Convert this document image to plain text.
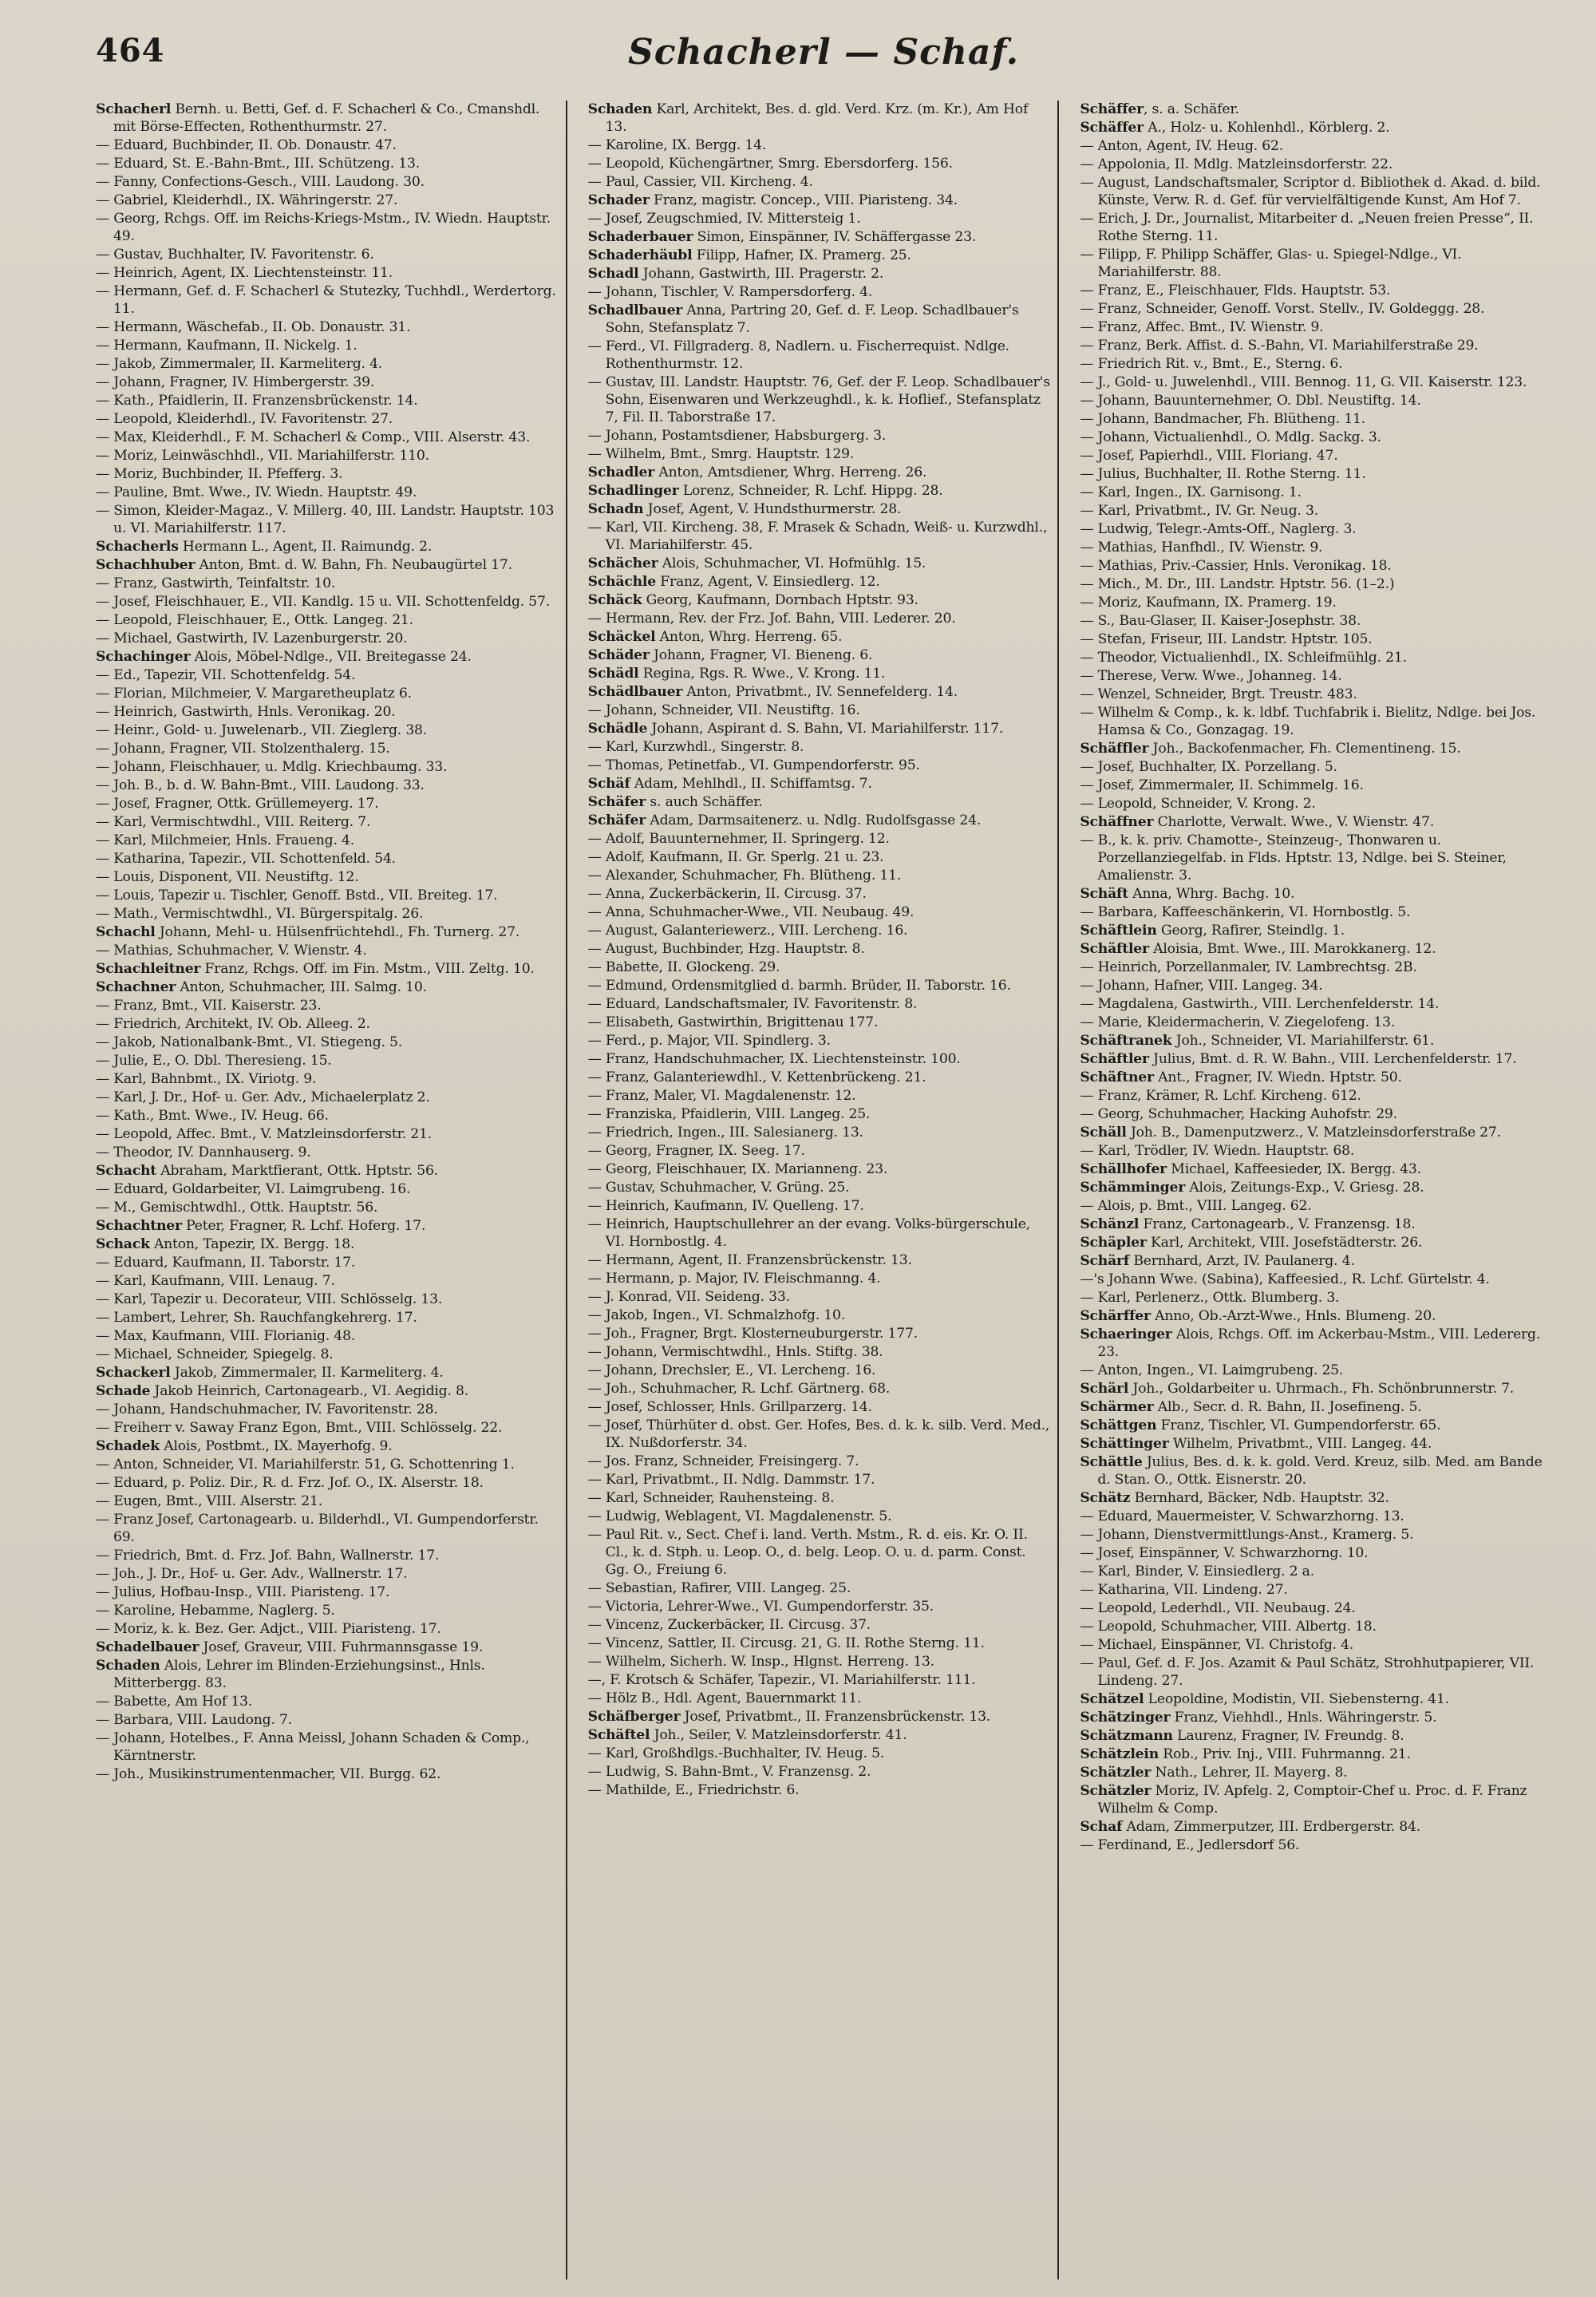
464	Schacherl — Schaf.
Schacherl Bernh. u. Betti, Gef. d. F. Schacherl & Co., Cmanshdl. mit Börse-Effecten, Rothenthurmstr. 27.
— Eduard, Buchbinder, II. Ob. Donaustr. 47.
— Eduard, St. E.-Bahn-Bmt., III. Schützeng. 13.
— Fanny, Confections-Gesch., VIII. Laudong. 30.
— Gabriel, Kleiderhdl., IX. Währingerstr. 27.
— Georg, Rchgs. Off. im Reichs-Kriegs-Mstm., IV. Wiedn. Hauptstr. 49.
— Gustav, Buchhalter, IV. Favoritenstr. 6.
— Heinrich, Agent, IX. Liechtensteinstr. 11.
— Hermann, Gef. d. F. Schacherl & Stutezky, Tuchhdl., Werdertorg. 11.
— Hermann, Wäschefab., II. Ob. Donaustr. 31.
— Hermann, Kaufmann, II. Nickelg. 1.
— Jakob, Zimmermaler, II. Karmeliterg. 4.
— Johann, Fragner, IV. Himbergerstr. 39.
— Kath., Pfaidlerin, II. Franzensbrückenstr. 14.
— Leopold, Kleiderhdl., IV. Favoritenstr. 27.
— Max, Kleiderhdl., F. M. Schacherl & Comp., VIII. Alserstr. 43.
— Moriz, Leinwäschhdl., VII. Mariahilferstr. 110.
— Moriz, Buchbinder, II. Pfefferg. 3.
— Pauline, Bmt. Wwe., IV. Wiedn. Hauptstr. 49.
— Simon, Kleider-Magaz., V. Millerg. 40, III. Landstr. Hauptstr. 103 u. VI. Mariahilferstr. 117.
Schacherls Hermann L., Agent, II. Raimundg. 2.
Schachhuber Anton, Bmt. d. W. Bahn, Fh. Neubaugürtel 17.
— Franz, Gastwirth, Teinfaltstr. 10.
— Josef, Fleischhauer, E., VII. Kandlg. 15 u. VII. Schottenfeldg. 57.
— Leopold, Fleischhauer, E., Ottk. Langeg. 21.
— Michael, Gastwirth, IV. Lazenburgerstr. 20.
Schachinger Alois, Möbel-Ndlge., VII. Breitegasse 24.
— Ed., Tapezir, VII. Schottenfeldg. 54.
— Florian, Milchmeier, V. Margaretheuplatz 6.
— Heinrich, Gastwirth, Hnls. Veronikag. 20.
— Heinr., Gold- u. Juwelenarb., VII. Zieglerg. 38.
— Johann, Fragner, VII. Stolzenthalerg. 15.
— Johann, Fleischhauer, u. Mdlg. Kriechbaumg. 33.
— Joh. B., b. d. W. Bahn-Bmt., VIII. Laudong. 33.
— Josef, Fragner, Ottk. Grüllemeyerg. 17.
— Karl, Vermischtwdhl., VIII. Reiterg. 7.
— Karl, Milchmeier, Hnls. Fraueng. 4.
— Katharina, Tapezir., VII. Schottenfeld. 54.
— Louis, Disponent, VII. Neustiftg. 12.
— Louis, Tapezir u. Tischler, Genoff. Bstd., VII. Breiteg. 17.
— Math., Vermischtwdhl., VI. Bürgerspitalg. 26.
Schachl Johann, Mehl- u. Hülsenfrüchtehdl., Fh. Turnerg. 27.
— Mathias, Schuhmacher, V. Wienstr. 4.
Schachleitner Franz, Rchgs. Off. im Fin. Mstm., VIII. Zeltg. 10.
Schachner Anton, Schuhmacher, III. Salmg. 10.
— Franz, Bmt., VII. Kaiserstr. 23.
— Friedrich, Architekt, IV. Ob. Alleeg. 2.
— Jakob, Nationalbank-Bmt., VI. Stiegeng. 5.
— Julie, E., O. Dbl. Theresieng. 15.
— Karl, Bahnbmt., IX. Viriotg. 9.
— Karl, J. Dr., Hof- u. Ger. Adv., Michaelerplatz 2.
— Kath., Bmt. Wwe., IV. Heug. 66.
— Leopold, Affec. Bmt., V. Matzleinsdorferstr. 21.
— Theodor, IV. Dannhauserg. 9.
Schacht Abraham, Marktfierant, Ottk. Hptstr. 56.
— Eduard, Goldarbeiter, VI. Laimgrubeng. 16.
— M., Gemischtwdhl., Ottk. Hauptstr. 56.
Schachtner Peter, Fragner, R. Lchf. Hoferg. 17.
Schack Anton, Tapezir, IX. Bergg. 18.
— Eduard, Kaufmann, II. Taborstr. 17.
— Karl, Kaufmann, VIII. Lenaug. 7.
— Karl, Tapezir u. Decorateur, VIII. Schlösselg. 13.
— Lambert, Lehrer, Sh. Rauchfangkehrerg. 17.
— Max, Kaufmann, VIII. Florianig. 48.
— Michael, Schneider, Spiegelg. 8.
Schackerl Jakob, Zimmermaler, II. Karmeliterg. 4.
Schade Jakob Heinrich, Cartonagearb., VI. Aegidig. 8.
— Johann, Handschuhmacher, IV. Favoritenstr. 28.
— Freiherr v. Saway Franz Egon, Bmt., VIII. Schlösselg. 22.
Schadek Alois, Postbmt., IX. Mayerhofg. 9.
— Anton, Schneider, VI. Mariahilferstr. 51, G. Schottenring 1.
— Eduard, p. Poliz. Dir., R. d. Frz. Jof. O., IX. Alserstr. 18.
— Eugen, Bmt., VIII. Alserstr. 21.
— Franz Josef, Cartonagearb. u. Bilderhdl., VI. Gumpendorferstr. 69.
— Friedrich, Bmt. d. Frz. Jof. Bahn, Wallnerstr. 17.
— Joh., J. Dr., Hof- u. Ger. Adv., Wallnerstr. 17.
— Julius, Hofbau-Insp., VIII. Piaristeng. 17.
— Karoline, Hebamme, Naglerg. 5.
— Moriz, k. k. Bez. Ger. Adjct., VIII. Piaristeng. 17.
Schadelbauer Josef, Graveur, VIII. Fuhrmannsgasse 19.
Schaden Alois, Lehrer im Blinden-Erziehungsinst., Hnls. Mitterbergg. 83.
— Babette, Am Hof 13.
— Barbara, VIII. Laudong. 7.
— Johann, Hotelbes., F. Anna Meissl, Johann Schaden & Comp., Kärntnerstr.
— Joh., Musikinstrumentenmacher, VII. Burgg. 62.
Schaden Karl, Architekt, Bes. d. gld. Verd. Krz. (m. Kr.), Am Hof 13.
— Karoline, IX. Bergg. 14.
— Leopold, Küchengärtner, Smrg. Ebersdorferg. 156.
— Paul, Cassier, VII. Kircheng. 4.
Schader Franz, magistr. Concep., VIII. Piaristeng. 34.
— Josef, Zeugschmied, IV. Mittersteig 1.
Schaderbauer Simon, Einspänner, IV. Schäffergasse 23.
Schaderhäubl Filipp, Hafner, IX. Pramerg. 25.
Schadl Johann, Gastwirth, III. Pragerstr. 2.
— Johann, Tischler, V. Rampersdorferg. 4.
Schadlbauer Anna, Partring 20, Gef. d. F. Leop. Schadlbauer's Sohn, Stefansplatz 7.
— Ferd., VI. Fillgraderg. 8, Nadlern. u. Fischerrequist. Ndlge. Rothenthurmstr. 12.
— Gustav, III. Landstr. Hauptstr. 76, Gef. der F. Leop. Schadlbauer's Sohn, Eisenwaren und Werkzeughdl., k. k. Hoflief., Stefansplatz 7, Fil. II. Taborstraße 17.
— Johann, Postamtsdiener, Habsburgerg. 3.
— Wilhelm, Bmt., Smrg. Hauptstr. 129.
Schadler Anton, Amtsdiener, Whrg. Herreng. 26.
Schadlinger Lorenz, Schneider, R. Lchf. Hippg. 28.
Schadn Josef, Agent, V. Hundsthurmerstr. 28.
— Karl, VII. Kircheng. 38, F. Mrasek & Schadn, Weiß- u. Kurzwdhl., VI. Mariahilferstr. 45.
Schächer Alois, Schuhmacher, VI. Hofmühlg. 15.
Schächle Franz, Agent, V. Einsiedlerg. 12.
Schäck Georg, Kaufmann, Dornbach Hptstr. 93.
— Hermann, Rev. der Frz. Jof. Bahn, VIII. Lederer. 20.
Schäckel Anton, Whrg. Herreng. 65.
Schäder Johann, Fragner, VI. Bieneng. 6.
Schädl Regina, Rgs. R. Wwe., V. Krong. 11.
Schädlbauer Anton, Privatbmt., IV. Sennefelderg. 14.
— Johann, Schneider, VII. Neustiftg. 16.
Schädle Johann, Aspirant d. S. Bahn, VI. Mariahilferstr. 117.
— Karl, Kurzwhdl., Singerstr. 8.
— Thomas, Petinetfab., VI. Gumpendorferstr. 95.
Schäf Adam, Mehlhdl., II. Schiffamtsg. 7.
Schäfer s. auch Schäffer.
Schäfer Adam, Darmsaitenerz. u. Ndlg. Rudolfsgasse 24.
— Adolf, Bauunternehmer, II. Springerg. 12.
— Adolf, Kaufmann, II. Gr. Sperlg. 21 u. 23.
— Alexander, Schuhmacher, Fh. Blütheng. 11.
— Anna, Zuckerbäckerin, II. Circusg. 37.
— Anna, Schuhmacher-Wwe., VII. Neubaug. 49.
— August, Galanteriewerz., VIII. Lercheng. 16.
— August, Buchbinder, Hzg. Hauptstr. 8.
— Babette, II. Glockeng. 29.
— Edmund, Ordensmitglied d. barmh. Brüder, II. Taborstr. 16.
— Eduard, Landschaftsmaler, IV. Favoritenstr. 8.
— Elisabeth, Gastwirthin, Brigittenau 177.
— Ferd., p. Major, VII. Spindlerg. 3.
— Franz, Handschuhmacher, IX. Liechtensteinstr. 100.
— Franz, Galanteriewdhl., V. Kettenbrückeng. 21.
— Franz, Maler, VI. Magdalenenstr. 12.
— Franziska, Pfaidlerin, VIII. Langeg. 25.
— Friedrich, Ingen., III. Salesianerg. 13.
— Georg, Fragner, IX. Seeg. 17.
— Georg, Fleischhauer, IX. Marianneng. 23.
— Gustav, Schuhmacher, V. Grüng. 25.
— Heinrich, Kaufmann, IV. Quelleng. 17.
— Heinrich, Hauptschullehrer an der evang. Volks-bürgerschule, VI. Hornbostlg. 4.
— Hermann, Agent, II. Franzensbrückenstr. 13.
— Hermann, p. Major, IV. Fleischmanng. 4.
— J. Konrad, VII. Seideng. 33.
— Jakob, Ingen., VI. Schmalzhofg. 10.
— Joh., Fragner, Brgt. Klosterneuburgerstr. 177.
— Johann, Vermischtwdhl., Hnls. Stiftg. 38.
— Johann, Drechsler, E., VI. Lercheng. 16.
— Joh., Schuhmacher, R. Lchf. Gärtnerg. 68.
— Josef, Schlosser, Hnls. Grillparzerg. 14.
— Josef, Thürhüter d. obst. Ger. Hofes, Bes. d. k. k. silb. Verd. Med., IX. Nußdorferstr. 34.
— Jos. Franz, Schneider, Freisingerg. 7.
— Karl, Privatbmt., II. Ndlg. Dammstr. 17.
— Karl, Schneider, Rauhensteing. 8.
— Ludwig, Weblagent, VI. Magdalenenstr. 5.
— Paul Rit. v., Sect. Chef i. land. Verth. Mstm., R. d. eis. Kr. O. II. Cl., k. d. Stph. u. Leop. O., d. belg. Leop. O. u. d. parm. Const. Gg. O., Freiung 6.
— Sebastian, Rafirer, VIII. Langeg. 25.
— Victoria, Lehrer-Wwe., VI. Gumpendorferstr. 35.
— Vincenz, Zuckerbäcker, II. Circusg. 37.
— Vincenz, Sattler, II. Circusg. 21, G. II. Rothe Sterng. 11.
— Wilhelm, Sicherh. W. Insp., Hlgnst. Herreng. 13.
—, F. Krotsch & Schäfer, Tapezir., VI. Mariahilferstr. 111.
— Hölz B., Hdl. Agent, Bauernmarkt 11.
Schäfberger Josef, Privatbmt., II. Franzensbrückenstr. 13.
Schäftel Joh., Seiler, V. Matzleinsdorferstr. 41.
— Karl, Großhdlgs.-Buchhalter, IV. Heug. 5.
— Ludwig, S. Bahn-Bmt., V. Franzensg. 2.
— Mathilde, E., Friedrichstr. 6.
Schäffer, s. a. Schäfer.
Schäffer A., Holz- u. Kohlenhdl., Körblerg. 2.
— Anton, Agent, IV. Heug. 62.
— Appolonia, II. Mdlg. Matzleinsdorferstr. 22.
— August, Landschaftsmaler, Scriptor d. Bibliothek d. Akad. d. bild. Künste, Verw. R. d. Gef. für vervielfältigende Kunst, Am Hof 7.
— Erich, J. Dr., Journalist, Mitarbeiter d. „Neuen freien Presse“, II. Rothe Sterng. 11.
— Filipp, F. Philipp Schäffer, Glas- u. Spiegel-Ndlge., VI. Mariahilferstr. 88.
— Franz, E., Fleischhauer, Flds. Hauptstr. 53.
— Franz, Schneider, Genoff. Vorst. Stellv., IV. Goldeggg. 28.
— Franz, Affec. Bmt., IV. Wienstr. 9.
— Franz, Berk. Affist. d. S.-Bahn, VI. Mariahilferstraße 29.
— Friedrich Rit. v., Bmt., E., Sterng. 6.
— J., Gold- u. Juwelenhdl., VIII. Bennog. 11, G. VII. Kaiserstr. 123.
— Johann, Bauunternehmer, O. Dbl. Neustiftg. 14.
— Johann, Bandmacher, Fh. Blütheng. 11.
— Johann, Victualienhdl., O. Mdlg. Sackg. 3.
— Josef, Papierhdl., VIII. Floriang. 47.
— Julius, Buchhalter, II. Rothe Sterng. 11.
— Karl, Ingen., IX. Garnisong. 1.
— Karl, Privatbmt., IV. Gr. Neug. 3.
— Ludwig, Telegr.-Amts-Off., Naglerg. 3.
— Mathias, Hanfhdl., IV. Wienstr. 9.
— Mathias, Priv.-Cassier, Hnls. Veronikag. 18.
— Mich., M. Dr., III. Landstr. Hptstr. 56. (1–2.)
— Moriz, Kaufmann, IX. Pramerg. 19.
— S., Bau-Glaser, II. Kaiser-Josephstr. 38.
— Stefan, Friseur, III. Landstr. Hptstr. 105.
— Theodor, Victualienhdl., IX. Schleifmühlg. 21.
— Therese, Verw. Wwe., Johanneg. 14.
— Wenzel, Schneider, Brgt. Treustr. 483.
— Wilhelm & Comp., k. k. ldbf. Tuchfabrik i. Bielitz, Ndlge. bei Jos. Hamsa & Co., Gonzagag. 19.
Schäffler Joh., Backofenmacher, Fh. Clementineng. 15.
— Josef, Buchhalter, IX. Porzellang. 5.
— Josef, Zimmermaler, II. Schimmelg. 16.
— Leopold, Schneider, V. Krong. 2.
Schäffner Charlotte, Verwalt. Wwe., V. Wienstr. 47.
— B., k. k. priv. Chamotte-, Steinzeug-, Thonwaren u. Porzellanziegelfab. in Flds. Hptstr. 13, Ndlge. bei S. Steiner, Amalienstr. 3.
Schäft Anna, Whrg. Bachg. 10.
— Barbara, Kaffeeschänkerin, VI. Hornbostlg. 5.
Schäftlein Georg, Rafirer, Steindlg. 1.
Schäftler Aloisia, Bmt. Wwe., III. Marokkanerg. 12.
— Heinrich, Porzellanmaler, IV. Lambrechtsg. 2B.
— Johann, Hafner, VIII. Langeg. 34.
— Magdalena, Gastwirth., VIII. Lerchenfelderstr. 14.
— Marie, Kleidermacherin, V. Ziegelofeng. 13.
Schäftranek Joh., Schneider, VI. Mariahilferstr. 61.
Schäftler Julius, Bmt. d. R. W. Bahn., VIII. Lerchenfelderstr. 17.
Schäftner Ant., Fragner, IV. Wiedn. Hptstr. 50.
— Franz, Krämer, R. Lchf. Kircheng. 612.
— Georg, Schuhmacher, Hacking Auhofstr. 29.
Schäll Joh. B., Damenputzwerz., V. Matzleinsdorferstraße 27.
— Karl, Trödler, IV. Wiedn. Hauptstr. 68.
Schällhofer Michael, Kaffeesieder, IX. Bergg. 43.
Schämminger Alois, Zeitungs-Exp., V. Griesg. 28.
— Alois, p. Bmt., VIII. Langeg. 62.
Schänzl Franz, Cartonagearb., V. Franzensg. 18.
Schäpler Karl, Architekt, VIII. Josefstädterstr. 26.
Schärf Bernhard, Arzt, IV. Paulanerg. 4.
—'s Johann Wwe. (Sabina), Kaffeesied., R. Lchf. Gürtelstr. 4.
— Karl, Perlenerz., Ottk. Blumberg. 3.
Schärffer Anno, Ob.-Arzt-Wwe., Hnls. Blumeng. 20.
Schaeringer Alois, Rchgs. Off. im Ackerbau-Mstm., VIII. Ledererg. 23.
— Anton, Ingen., VI. Laimgrubeng. 25.
Schärl Joh., Goldarbeiter u. Uhrmach., Fh. Schönbrunnerstr. 7.
Schärmer Alb., Secr. d. R. Bahn, II. Josefineng. 5.
Schättgen Franz, Tischler, VI. Gumpendorferstr. 65.
Schättinger Wilhelm, Privatbmt., VIII. Langeg. 44.
Schättle Julius, Bes. d. k. k. gold. Verd. Kreuz, silb. Med. am Bande d. Stan. O., Ottk. Eisnerstr. 20.
Schätz Bernhard, Bäcker, Ndb. Hauptstr. 32.
— Eduard, Mauermeister, V. Schwarzhorng. 13.
— Johann, Dienstvermittlungs-Anst., Kramerg. 5.
— Josef, Einspänner, V. Schwarzhorng. 10.
— Karl, Binder, V. Einsiedlerg. 2 a.
— Katharina, VII. Lindeng. 27.
— Leopold, Lederhdl., VII. Neubaug. 24.
— Leopold, Schuhmacher, VIII. Albertg. 18.
— Michael, Einspänner, VI. Christofg. 4.
— Paul, Gef. d. F. Jos. Azamit & Paul Schätz, Strohhutpapierer, VII. Lindeng. 27.
Schätzel Leopoldine, Modistin, VII. Siebensterng. 41.
Schätzinger Franz, Viehhdl., Hnls. Währingerstr. 5.
Schätzmann Laurenz, Fragner, IV. Freundg. 8.
Schätzlein Rob., Priv. Inj., VIII. Fuhrmanng. 21.
Schätzler Nath., Lehrer, II. Mayerg. 8.
Schätzler Moriz, IV. Apfelg. 2, Comptoir-Chef u. Proc. d. F. Franz Wilhelm & Comp.
Schaf Adam, Zimmerputzer, III. Erdbergerstr. 84.
— Ferdinand, E., Jedlersdorf 56.
